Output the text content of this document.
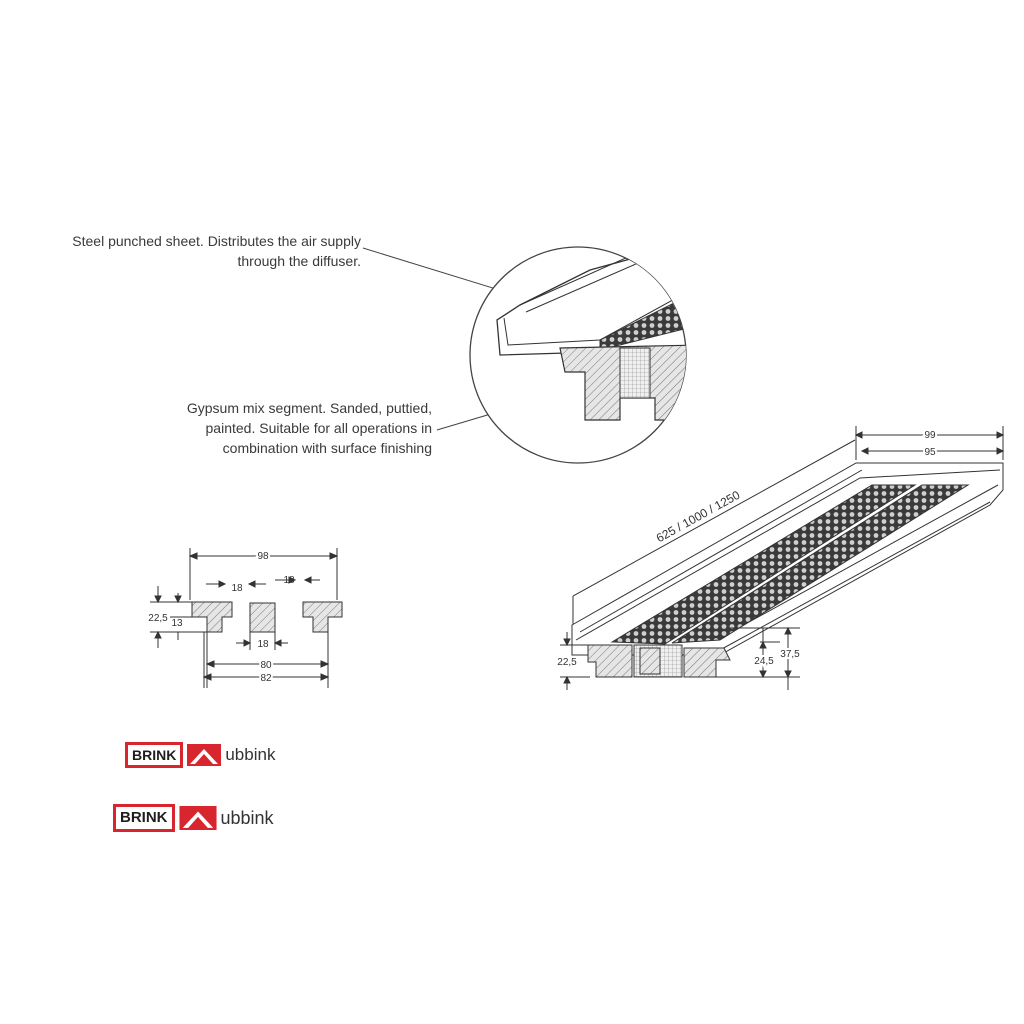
Steel punched sheet. Distributes the air supply
through the diffuser.
Gypsum mix segment. Sanded, puttied,
painted. Suitable for all operations in
combination with surface finishing
98
18
18
18
22,5 13
80
82
99
95
625 / 1000 / 1250
22,5	24,5
37,5
BRINK	ubbink
BRINK	ubbink
